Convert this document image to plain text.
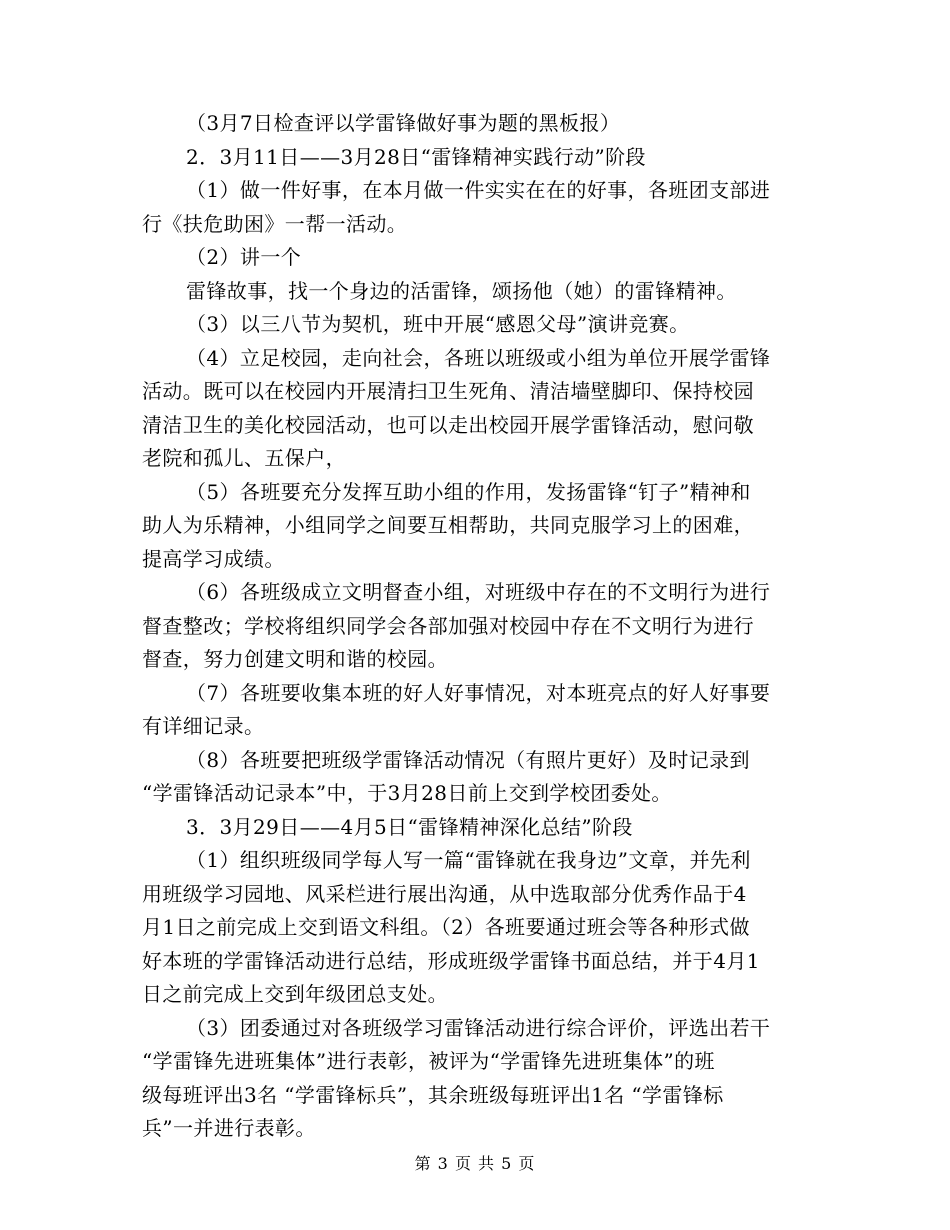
（3月7日检查评以学雷锋做好事为题的黑板报）
2．3月11日——3月28日“雷锋精神实践行动”阶段
（1）做一件好事，在本月做一件实实在在的好事，各班团支部进
行《扶危助困》一帮一活动。
（2）讲一个
雷锋故事，找一个身边的活雷锋，颂扬他（她）的雷锋精神。
（3）以三八节为契机，班中开展“感恩父母”演讲竞赛。
（4）立足校园，走向社会，各班以班级或小组为单位开展学雷锋
活动。既可以在校园内开展清扫卫生死角、清洁墙壁脚印、保持校园
清洁卫生的美化校园活动，也可以走出校园开展学雷锋活动，慰问敬
老院和孤儿、五保户，
（5）各班要充分发挥互助小组的作用，发扬雷锋“钉子”精神和
助人为乐精神，小组同学之间要互相帮助，共同克服学习上的困难，
提高学习成绩。
（6）各班级成立文明督查小组，对班级中存在的不文明行为进行
督查整改；学校将组织同学会各部加强对校园中存在不文明行为进行
督查，努力创建文明和谐的校园。
（7）各班要收集本班的好人好事情况，对本班亮点的好人好事要
有详细记录。
（8）各班要把班级学雷锋活动情况（有照片更好）及时记录到
“学雷锋活动记录本”中，于3月28日前上交到学校团委处。
3．3月29日——4月5日“雷锋精神深化总结”阶段
（1）组织班级同学每人写一篇“雷锋就在我身边”文章，并先利
用班级学习园地、风采栏进行展出沟通，从中选取部分优秀作品于4
月1日之前完成上交到语文科组。（2）各班要通过班会等各种形式做
好本班的学雷锋活动进行总结，形成班级学雷锋书面总结，并于4月1
日之前完成上交到年级团总支处。
（3）团委通过对各班级学习雷锋活动进行综合评价，评选出若干
“学雷锋先进班集体”进行表彰，被评为“学雷锋先进班集体”的班
级每班评出3名 “学雷锋标兵”，其余班级每班评出1名 “学雷锋标
兵”一并进行表彰。
第 3 页 共 5 页
